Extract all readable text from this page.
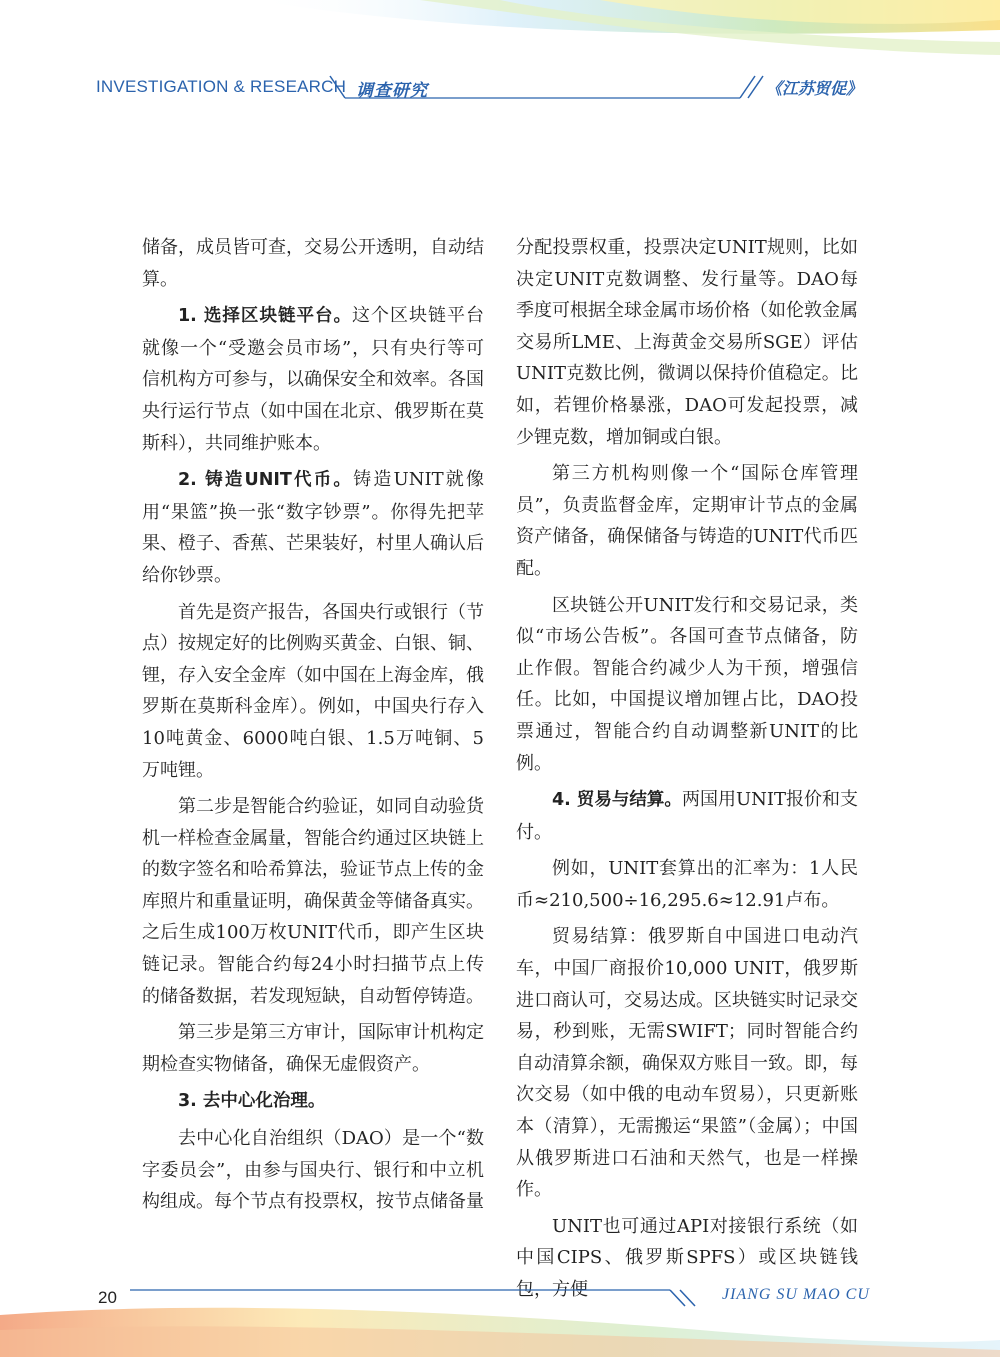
INVESTIGATION & RESEARCH 调查研究	《江苏贸促》

储备，成员皆可查，交易公开透明，自动结算。

1. 选择区块链平台。这个区块链平台就像一个“受邀会员市场”，只有央行等可信机构方可参与，以确保安全和效率。各国央行运行节点（如中国在北京、俄罗斯在莫斯科），共同维护账本。

2. 铸造UNIT代币。铸造UNIT就像用“果篮”换一张“数字钞票”。你得先把苹果、橙子、香蕉、芒果装好，村里人确认后给你钞票。

首先是资产报告，各国央行或银行（节点）按规定好的比例购买黄金、白银、铜、锂，存入安全金库（如中国在上海金库，俄罗斯在莫斯科金库）。例如，中国央行存入10吨黄金、6000吨白银、1.5万吨铜、5万吨锂。

第二步是智能合约验证，如同自动验货机一样检查金属量，智能合约通过区块链上的数字签名和哈希算法，验证节点上传的金库照片和重量证明，确保黄金等储备真实。之后生成100万枚UNIT代币，即产生区块链记录。智能合约每24小时扫描节点上传的储备数据，若发现短缺，自动暂停铸造。

第三步是第三方审计，国际审计机构定期检查实物储备，确保无虚假资产。

3. 去中心化治理。

去中心化自治组织（DAO）是一个“数字委员会”，由参与国央行、银行和中立机构组成。每个节点有投票权，按节点储备量

分配投票权重，投票决定UNIT规则，比如决定UNIT克数调整、发行量等。DAO每季度可根据全球金属市场价格（如伦敦金属交易所LME、上海黄金交易所SGE）评估UNIT克数比例，微调以保持价值稳定。比如，若锂价格暴涨，DAO可发起投票，减少锂克数，增加铜或白银。

第三方机构则像一个“国际仓库管理员”，负责监督金库，定期审计节点的金属资产储备，确保储备与铸造的UNIT代币匹配。

区块链公开UNIT发行和交易记录，类似“市场公告板”。各国可查节点储备，防止作假。智能合约减少人为干预，增强信任。比如，中国提议增加锂占比，DAO投票通过，智能合约自动调整新UNIT的比例。

4. 贸易与结算。两国用UNIT报价和支付。

例如，UNIT套算出的汇率为：1人民币≈210,500÷16,295.6≈12.91卢布。

贸易结算：俄罗斯自中国进口电动汽车，中国厂商报价10,000 UNIT，俄罗斯进口商认可，交易达成。区块链实时记录交易，秒到账，无需SWIFT；同时智能合约自动清算余额，确保双方账目一致。即，每次交易（如中俄的电动车贸易），只更新账本（清算），无需搬运“果篮”（金属）；中国从俄罗斯进口石油和天然气，也是一样操作。

UNIT也可通过API对接银行系统（如中国CIPS、俄罗斯SPFS）或区块链钱包，方便

20	JIANG SU MAO CU
